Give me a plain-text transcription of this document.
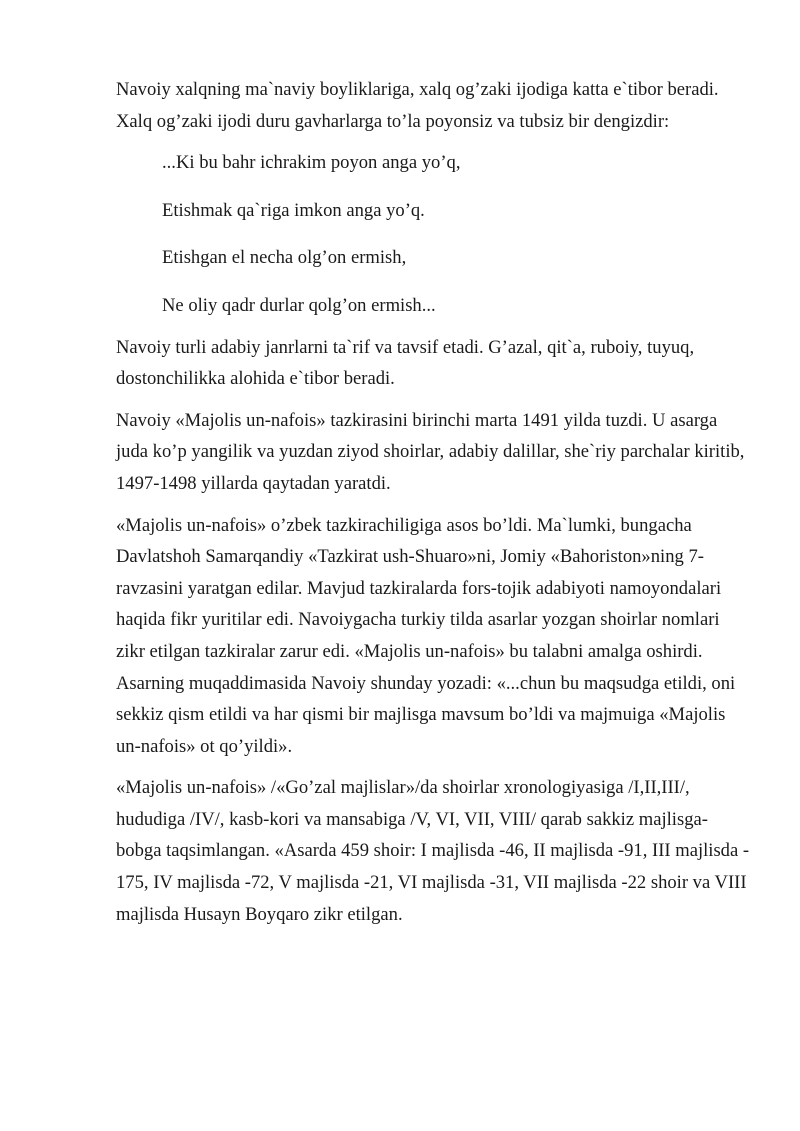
Navoiy xalqning ma`naviy boyliklariga, xalq og’zaki ijodiga katta e`tibor beradi. Xalq og’zaki ijodi duru gavharlarga to’la poyonsiz va tubsiz bir dengizdir:

...Ki bu bahr ichrakim poyon anga yo’q,

Etishmak qa`riga imkon anga yo’q.

Etishgan el necha olg’on ermish,

Ne oliy qadr durlar qolg’on ermish...

Navoiy turli adabiy janrlarni ta`rif va tavsif etadi. G’azal, qit`a, ruboiy, tuyuq, dostonchilikka alohida e`tibor beradi.

Navoiy «Majolis un-nafois» tazkirasini birinchi marta 1491 yilda tuzdi. U asarga juda ko’p yangilik va yuzdan ziyod shoirlar, adabiy dalillar, she`riy parchalar kiritib, 1497-1498 yillarda qaytadan yaratdi.

«Majolis un-nafois» o’zbek tazkirachiligiga asos bo’ldi. Ma`lumki, bungacha Davlatshoh Samarqandiy «Tazkirat ush-Shuaro»ni, Jomiy «Bahoriston»ning 7-ravzasini yaratgan edilar. Mavjud tazkiralarda fors-tojik adabiyoti namoyondalari haqida fikr yuritilar edi. Navoiygacha turkiy tilda asarlar yozgan shoirlar nomlari zikr etilgan tazkiralar zarur edi. «Majolis un-nafois» bu talabni amalga oshirdi. Asarning muqaddimasida Navoiy shunday yozadi: «...chun bu maqsudga etildi, oni sekkiz qism etildi va har qismi bir majlisga mavsum bo’ldi va majmuiga «Majolis un-nafois» ot qo’yildi».

«Majolis un-nafois» /«Go’zal majlislar»/da shoirlar xronologiyasiga /I,II,III/, hududiga /IV/, kasb-kori va mansabiga /V, VI, VII, VIII/ qarab sakkiz majlisga-bobga taqsimlangan. «Asarda 459 shoir: I majlisda -46, II majlisda -91, III majlisda - 175, IV majlisda -72, V majlisda -21, VI majlisda -31, VII majlisda -22 shoir va VIII majlisda Husayn Boyqaro zikr etilgan.
